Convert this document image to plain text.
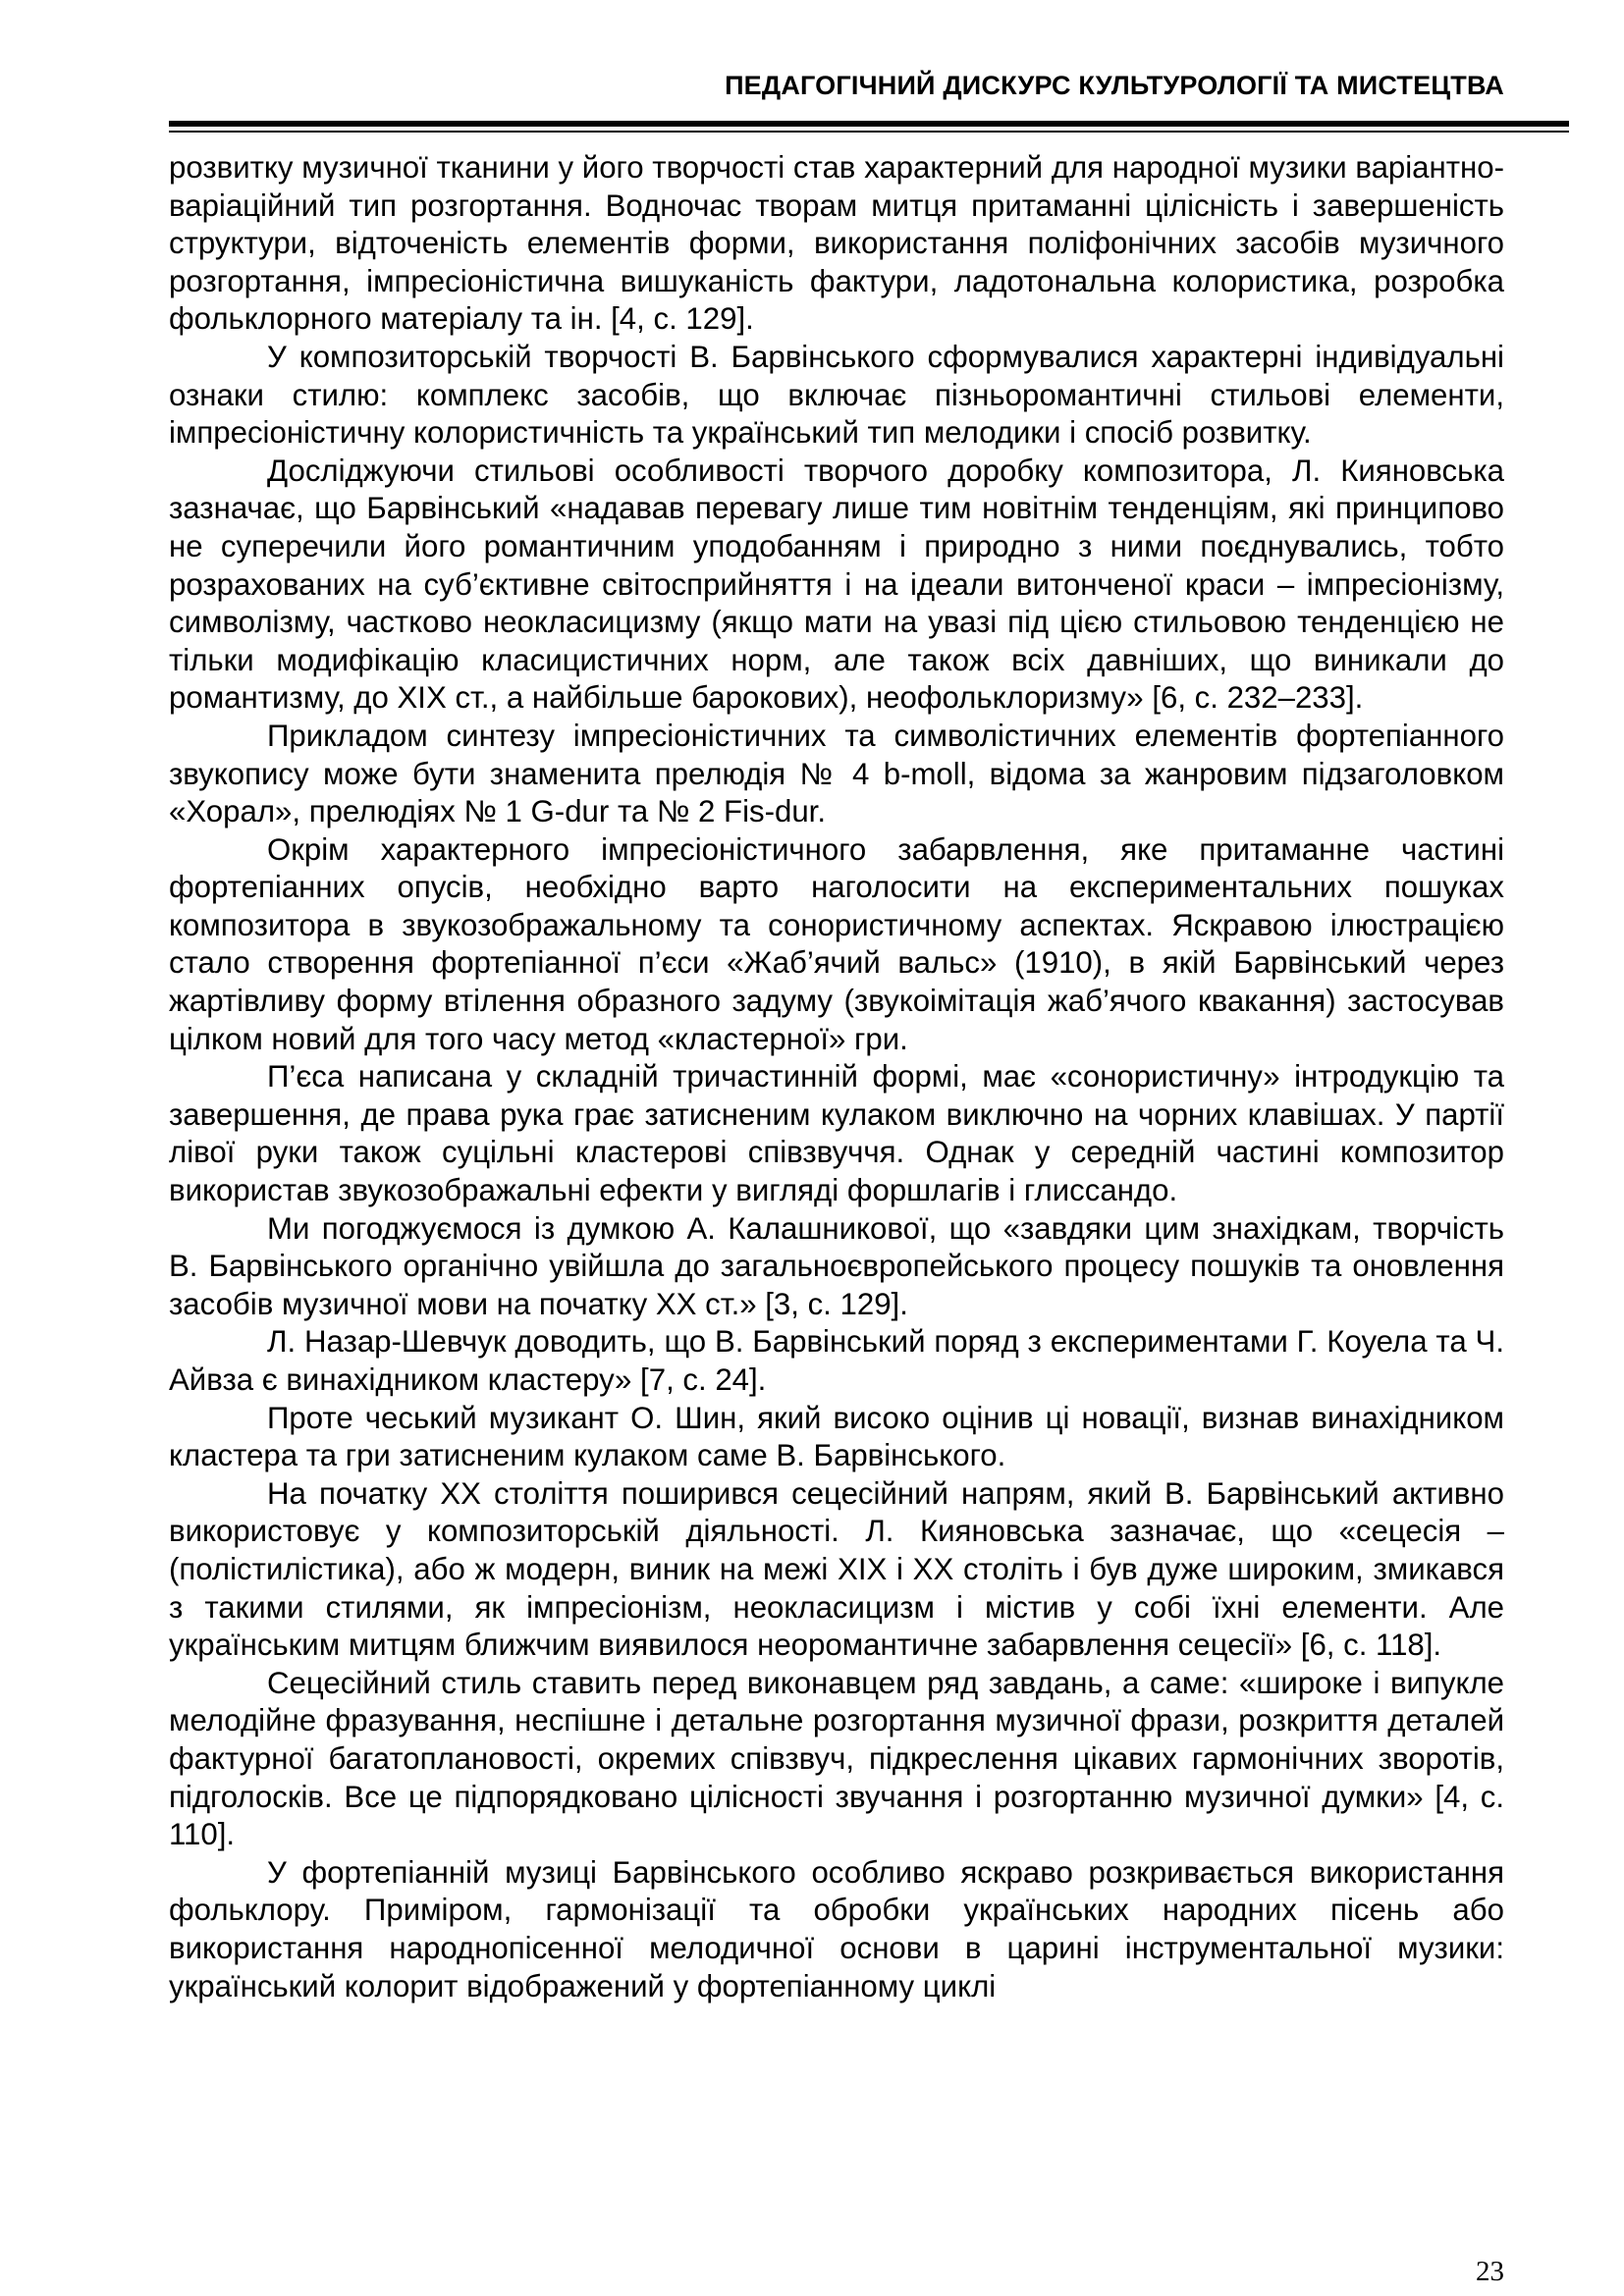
ПЕДАГОГІЧНИЙ ДИСКУРС КУЛЬТУРОЛОГІЇ ТА МИСТЕЦТВА

розвитку музичної тканини у його творчості став характерний для народної музики варіантно-варіаційний тип розгортання. Водночас творам митця притаманні цілісність і завершеність структури, відточеність елементів форми, використання поліфонічних засобів музичного розгортання, імпресіоністична вишуканість фактури, ладотональна колористика, розробка фольклорного матеріалу та ін. [4, с. 129].

У композиторській творчості В. Барвінського сформувалися характерні індивідуальні ознаки стилю: комплекс засобів, що включає пізньоромантичні стильові елементи, імпресіоністичну колористичність та український тип мелодики і спосіб розвитку.

Досліджуючи стильові особливості творчого доробку композитора, Л. Кияновська зазначає, що Барвінський «надавав перевагу лише тим новітнім тенденціям, які принципово не суперечили його романтичним уподобанням і природно з ними поєднувались, тобто розрахованих на суб’єктивне світосприйняття і на ідеали витонченої краси – імпресіонізму, символізму, частково неокласицизму (якщо мати на увазі під цією стильовою тенденцією не тільки модифікацію класицистичних норм, але також всіх давніших, що виникали до романтизму, до XIX ст., а найбільше барокових), неофольклоризму» [6, с. 232–233].

Прикладом синтезу імпресіоністичних та символістичних елементів фортепіанного звукопису може бути знаменита прелюдія № 4 b-moll, відома за жанровим підзаголовком «Хорал», прелюдіях № 1 G-dur та № 2 Fis-dur.

Окрім характерного імпресіоністичного забарвлення, яке притаманне частині фортепіанних опусів, необхідно варто наголосити на експериментальних пошуках композитора в звукозображальному та сонористичному аспектах. Яскравою ілюстрацією стало створення фортепіанної п’єси «Жаб’ячий вальс» (1910), в якій Барвінський через жартівливу форму втілення образного задуму (звукоімітація жаб’ячого квакання) застосував цілком новий для того часу метод «кластерної» гри.

П’єса написана у складній тричастинній формі, має «сонористичну» інтродукцію та завершення, де права рука грає затисненим кулаком виключно на чорних клавішах. У партії лівої руки також суцільні кластерові співзвуччя. Однак у середній частині композитор використав звукозображальні ефекти у вигляді форшлагів і глиссандо.

Ми погоджуємося із думкою А. Калашникової, що «завдяки цим знахідкам, творчість В. Барвінського органічно увійшла до загальноєвропейського процесу пошуків та оновлення засобів музичної мови на початку XX ст.» [3, с. 129].

Л. Назар-Шевчук доводить, що В. Барвінський поряд з експериментами Г. Коуела та Ч. Айвза є винахідником кластеру» [7, с. 24].

Проте чеський музикант О. Шин, який високо оцінив ці новації, визнав винахідником кластера та гри затисненим кулаком саме В. Барвінського.

На початку XX століття поширився сецесійний напрям, який В. Барвінський активно використовує у композиторській діяльності. Л. Кияновська зазначає, що «сецесія – (полістилістика), або ж модерн, виник на межі XIX і XX століть і був дуже широким, змикався з такими стилями, як імпресіонізм, неокласицизм і містив у собі їхні елементи. Але українським митцям ближчим виявилося неоромантичне забарвлення сецесії» [6, с. 118].

Сецесійний стиль ставить перед виконавцем ряд завдань, а саме: «широке і випукле мелодійне фразування, неспішне і детальне розгортання музичної фрази, розкриття деталей фактурної багатоплановості, окремих співзвуч, підкреслення цікавих гармонічних зворотів, підголосків. Все це підпорядковано цілісності звучання і розгортанню музичної думки» [4, с. 110].

У фортепіанній музиці Барвінського особливо яскраво розкривається використання фольклору. Примірoм, гармонізації та обробки українських народних пісень або використання народнопісенної мелодичної основи в царині інструментальної музики: український колорит відображений у фортепіанному циклі

23
